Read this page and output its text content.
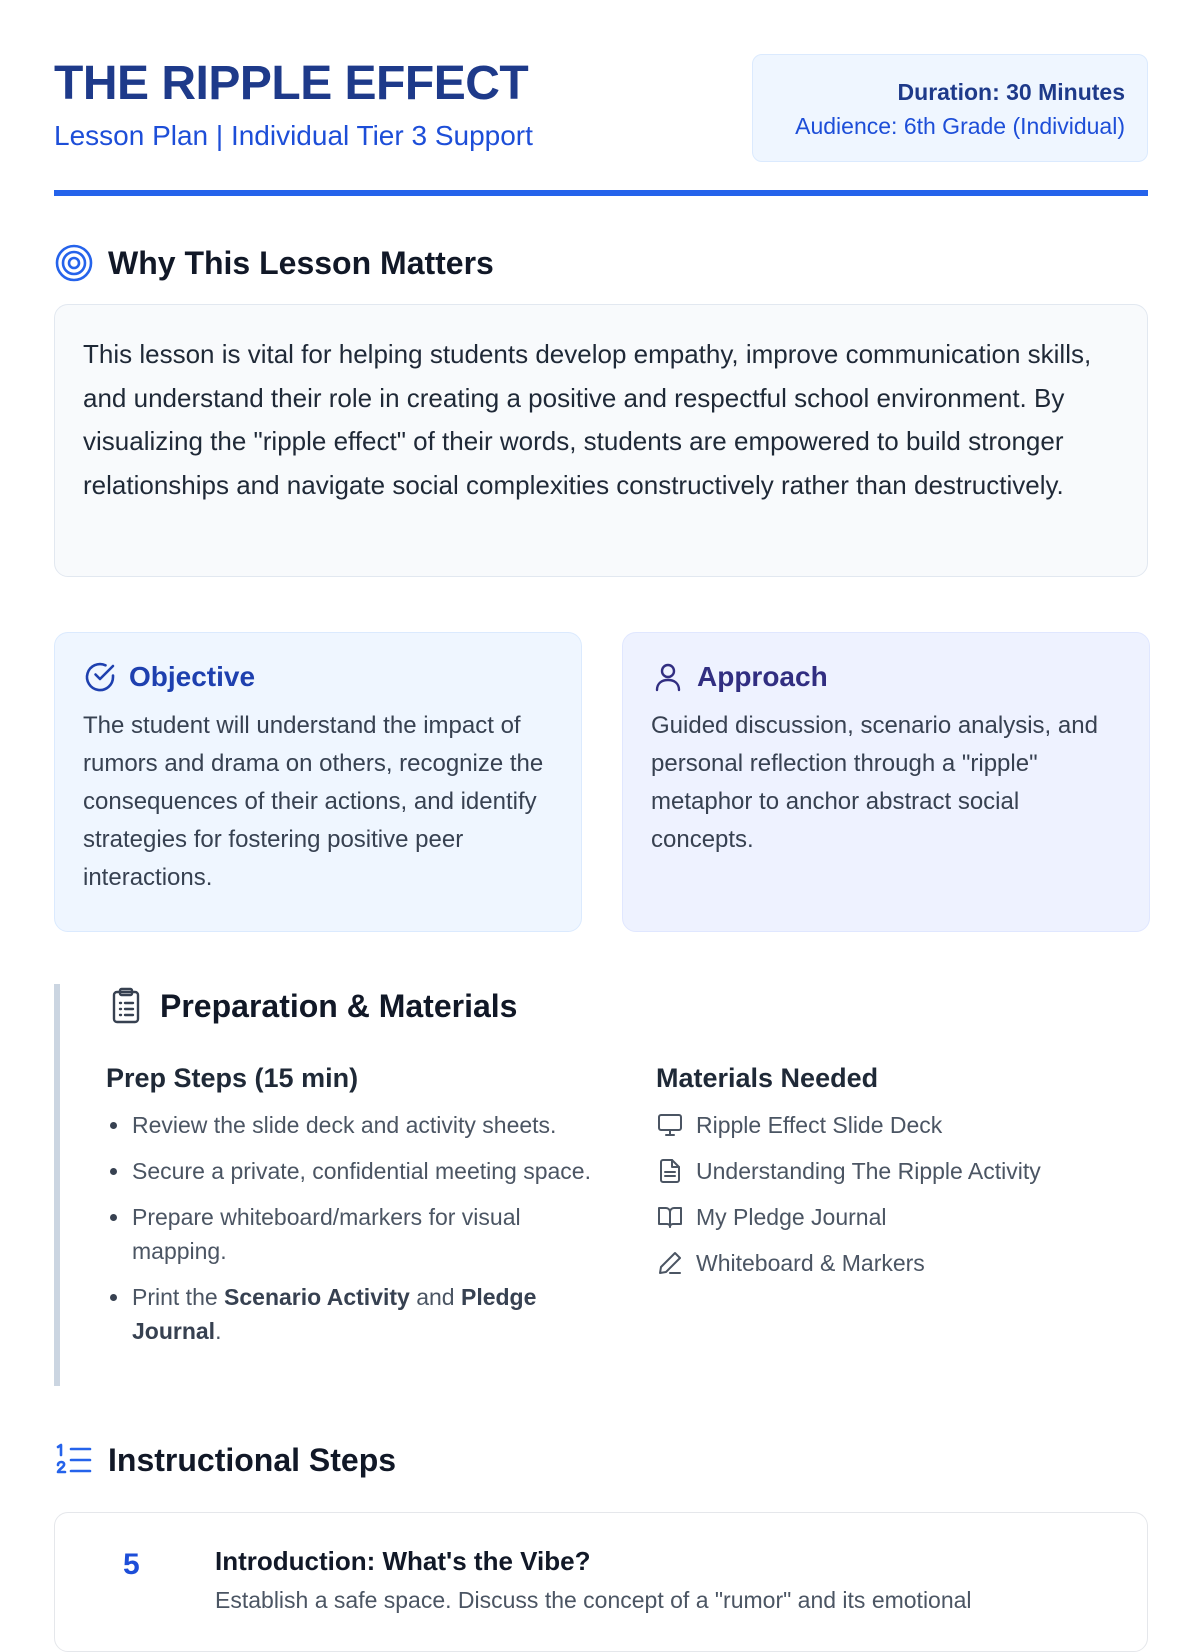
THE RIPPLE EFFECT
Lesson Plan | Individual Tier 3 Support
Duration: 30 Minutes
Audience: 6th Grade (Individual)
Why This Lesson Matters

This lesson is vital for helping students develop empathy, improve communication skills, and understand their role in creating a positive and respectful school environment. By visualizing the "ripple effect" of their words, students are empowered to build stronger relationships and navigate social complexities constructively rather than destructively.

Objective

The student will understand the impact of rumors and drama on others, recognize the consequences of their actions, and identify strategies for fostering positive peer interactions.

Approach

Guided discussion, scenario analysis, and personal reflection through a "ripple" metaphor to anchor abstract social concepts.

Preparation & Materials
Prep Steps (15 min)
Review the slide deck and activity sheets.
Secure a private, confidential meeting space.
Prepare whiteboard/markers for visual mapping.
Print the Scenario Activity and Pledge Journal.
Materials Needed
Ripple Effect Slide Deck
Understanding The Ripple Activity
My Pledge Journal
Whiteboard & Markers
Instructional Steps
5	Introduction: What's the Vibe?
Establish a safe space. Discuss the concept of a "rumor" and its emotional
